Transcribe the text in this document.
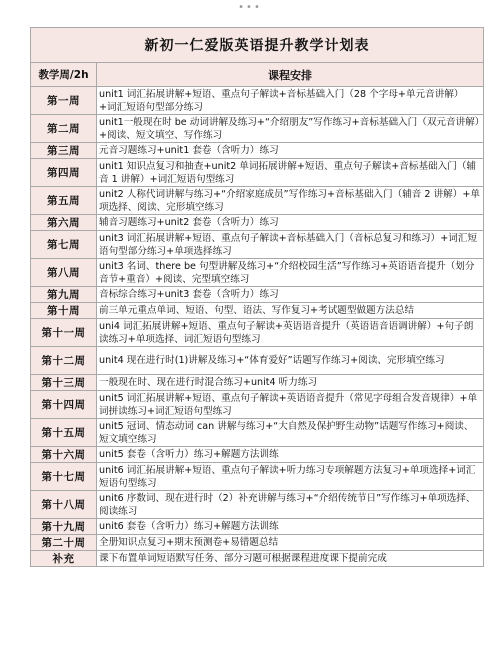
•••
新初一仁爱版英语提升教学计划表	
教学周/2h	课程安排
第一周	unit1 词汇拓展讲解+短语、重点句子解读+音标基础入门（28 个字母+单元音讲解）+词汇短语句型部分练习
第二周	unit1一般现在时 be 动词讲解及练习+“介绍朋友”写作练习+音标基础入门（双元音讲解）+阅读、短文填空、写作练习
第三周	元音习题练习+unit1 套卷（含听力）练习
第四周	unit1 知识点复习和抽查+unit2 单词拓展讲解+短语、重点句子解读+音标基础入门（辅音 1 讲解）+词汇短语句型练习
第五周	unit2 人称代词讲解与练习+“介绍家庭成员”写作练习+音标基础入门（辅音 2 讲解）+单项选择、阅读、完形填空练习
第六周	辅音习题练习+unit2 套卷（含听力）练习
第七周	unit3 词汇拓展讲解+短语、重点句子解读+音标基础入门（音标总复习和练习）+词汇短语句型部分练习+单项选择练习
第八周	unit3 名词、there be 句型讲解及练习+“介绍校园生活”写作练习+英语语音提升（划分音节+重音）+阅读、完型填空练习
第九周	音标综合练习+unit3 套卷（含听力）练习
第十周	前三单元重点单词、短语、句型、语法、写作复习+考试题型做题方法总结
第十一周	uni4 词汇拓展讲解+短语、重点句子解读+英语语音提升（英语语音语调讲解）+句子朗读练习+单项选择、词汇短语句型练习
第十二周	unit4 现在进行时(1)讲解及练习+“体育爱好”话题写作练习+阅读、完形填空练习
第十三周	一般现在时、现在进行时混合练习+unit4 听力练习
第十四周	unit5 词汇拓展讲解+短语、重点句子解读+英语语音提升（常见字母组合发音规律）+单词拼读练习+词汇短语句型练习
第十五周	unit5 冠词、情态动词 can 讲解与练习+“大自然及保护野生动物”话题写作练习+阅读、短文填空练习
第十六周	unit5 套卷（含听力）练习+解题方法训练
第十七周	unit6 词汇拓展讲解+短语、重点句子解读+听力练习专项解题方法复习+单项选择+词汇短语句型练习
第十八周	unit6 序数词、现在进行时（2）补充讲解与练习+“介绍传统节日”写作练习+单项选择、阅读练习
第十九周	unit6 套卷（含听力）练习+解题方法训练
第二十周	全册知识点复习+期末预测卷+易错题总结
补充	课下布置单词短语默写任务、部分习题可根据课程进度课下提前完成
